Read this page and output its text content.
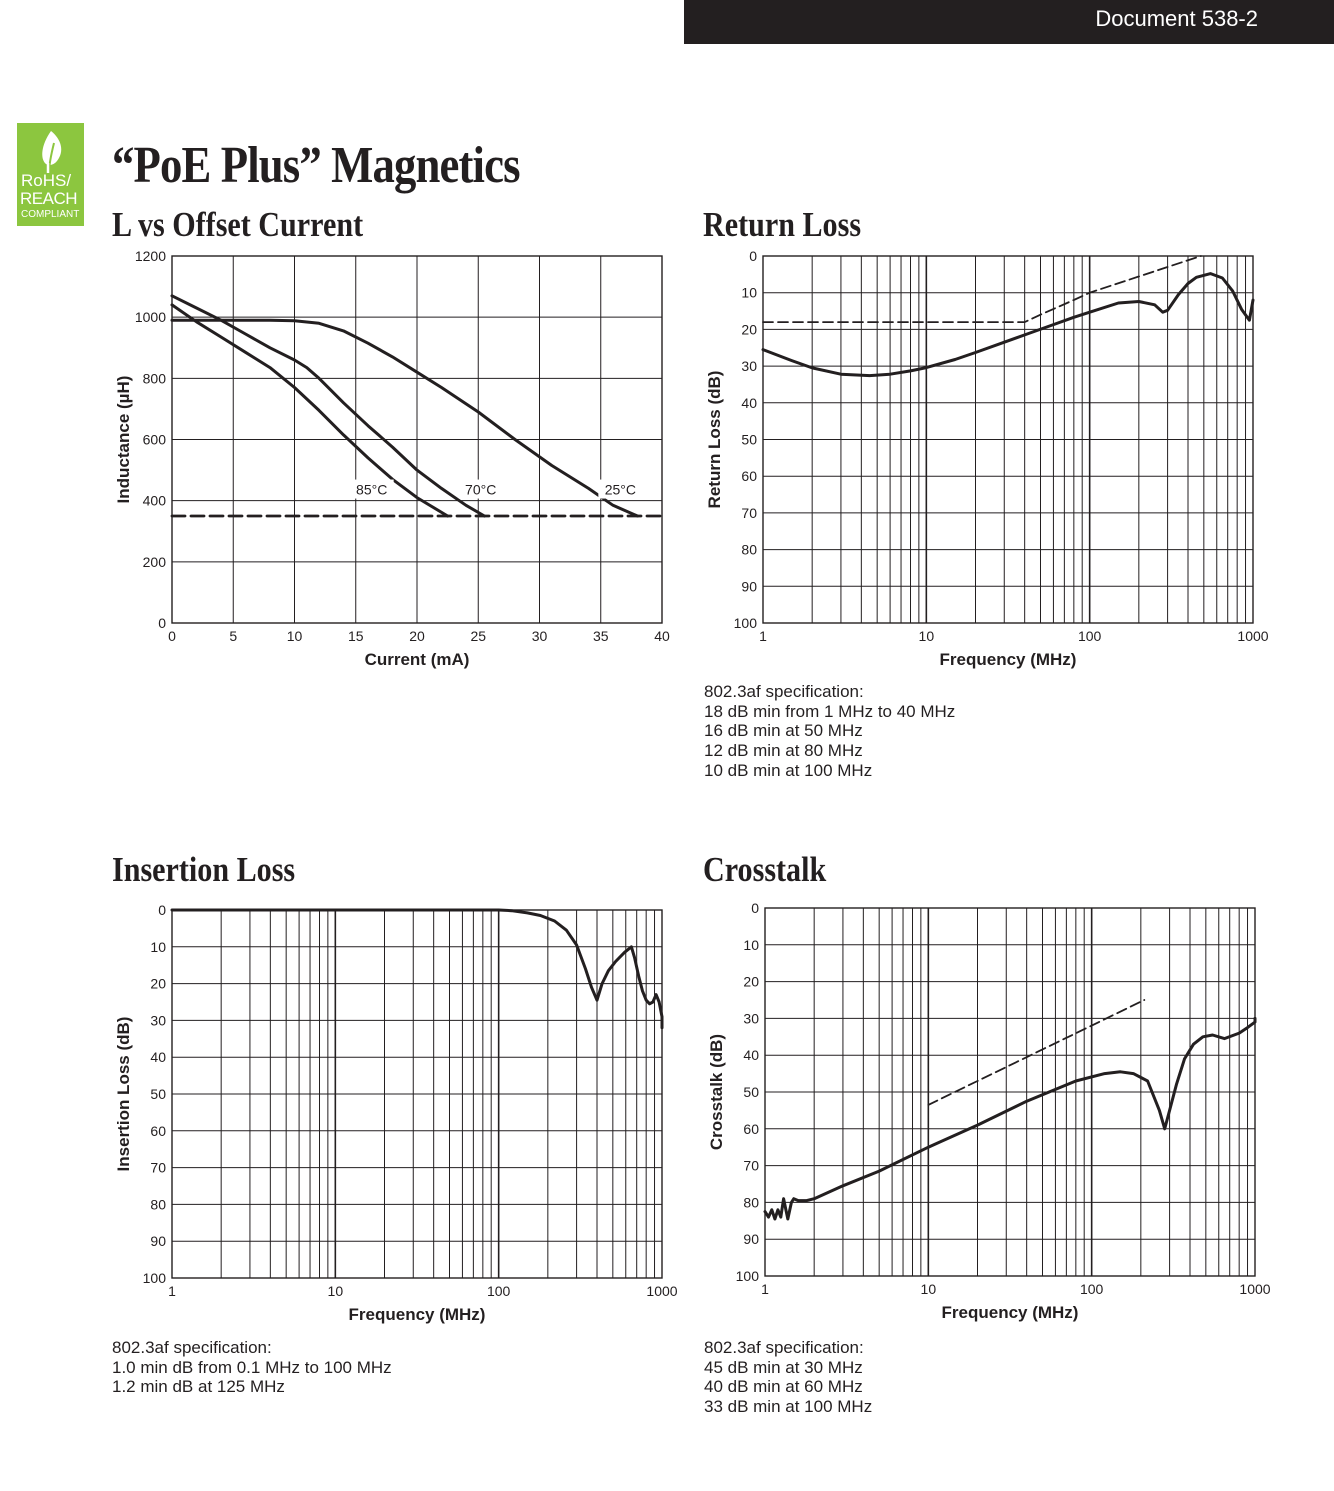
Document 538-2
RoHS/
REACH
COMPLIANT
“PoE Plus” Magnetics
L vs Offset Current	Return Loss
Insertion Loss	Crosstalk
0
200
400
600
800
1000
1200
0	5	10	15	20	25	30	35	40
Current (mA)
Inductance (µH)
0
10
20
30
40
50
60
70
80
90
100
1	10	100	1000
Frequency (MHz)
Return Loss (dB)
0
10
20
30
40
50
60
70
80
90
100
1	10	100	1000
Frequency (MHz)
Insertion Loss (dB)
0
10
20
30
40
50
60
70
80
90
100
1	10	100	1000
Frequency (MHz)
Crosstalk (dB)
85°C	70°C	25°C
802.3af specification:
18 dB min from 1 MHz to 40 MHz
16 dB min at 50 MHz
12 dB min at 80 MHz
10 dB min at 100 MHz
802.3af specification:
1.0 min dB from 0.1 MHz to 100 MHz
1.2 min dB at 125 MHz
802.3af specification:
45 dB min at 30 MHz
40 dB min at 60 MHz
33 dB min at 100 MHz
